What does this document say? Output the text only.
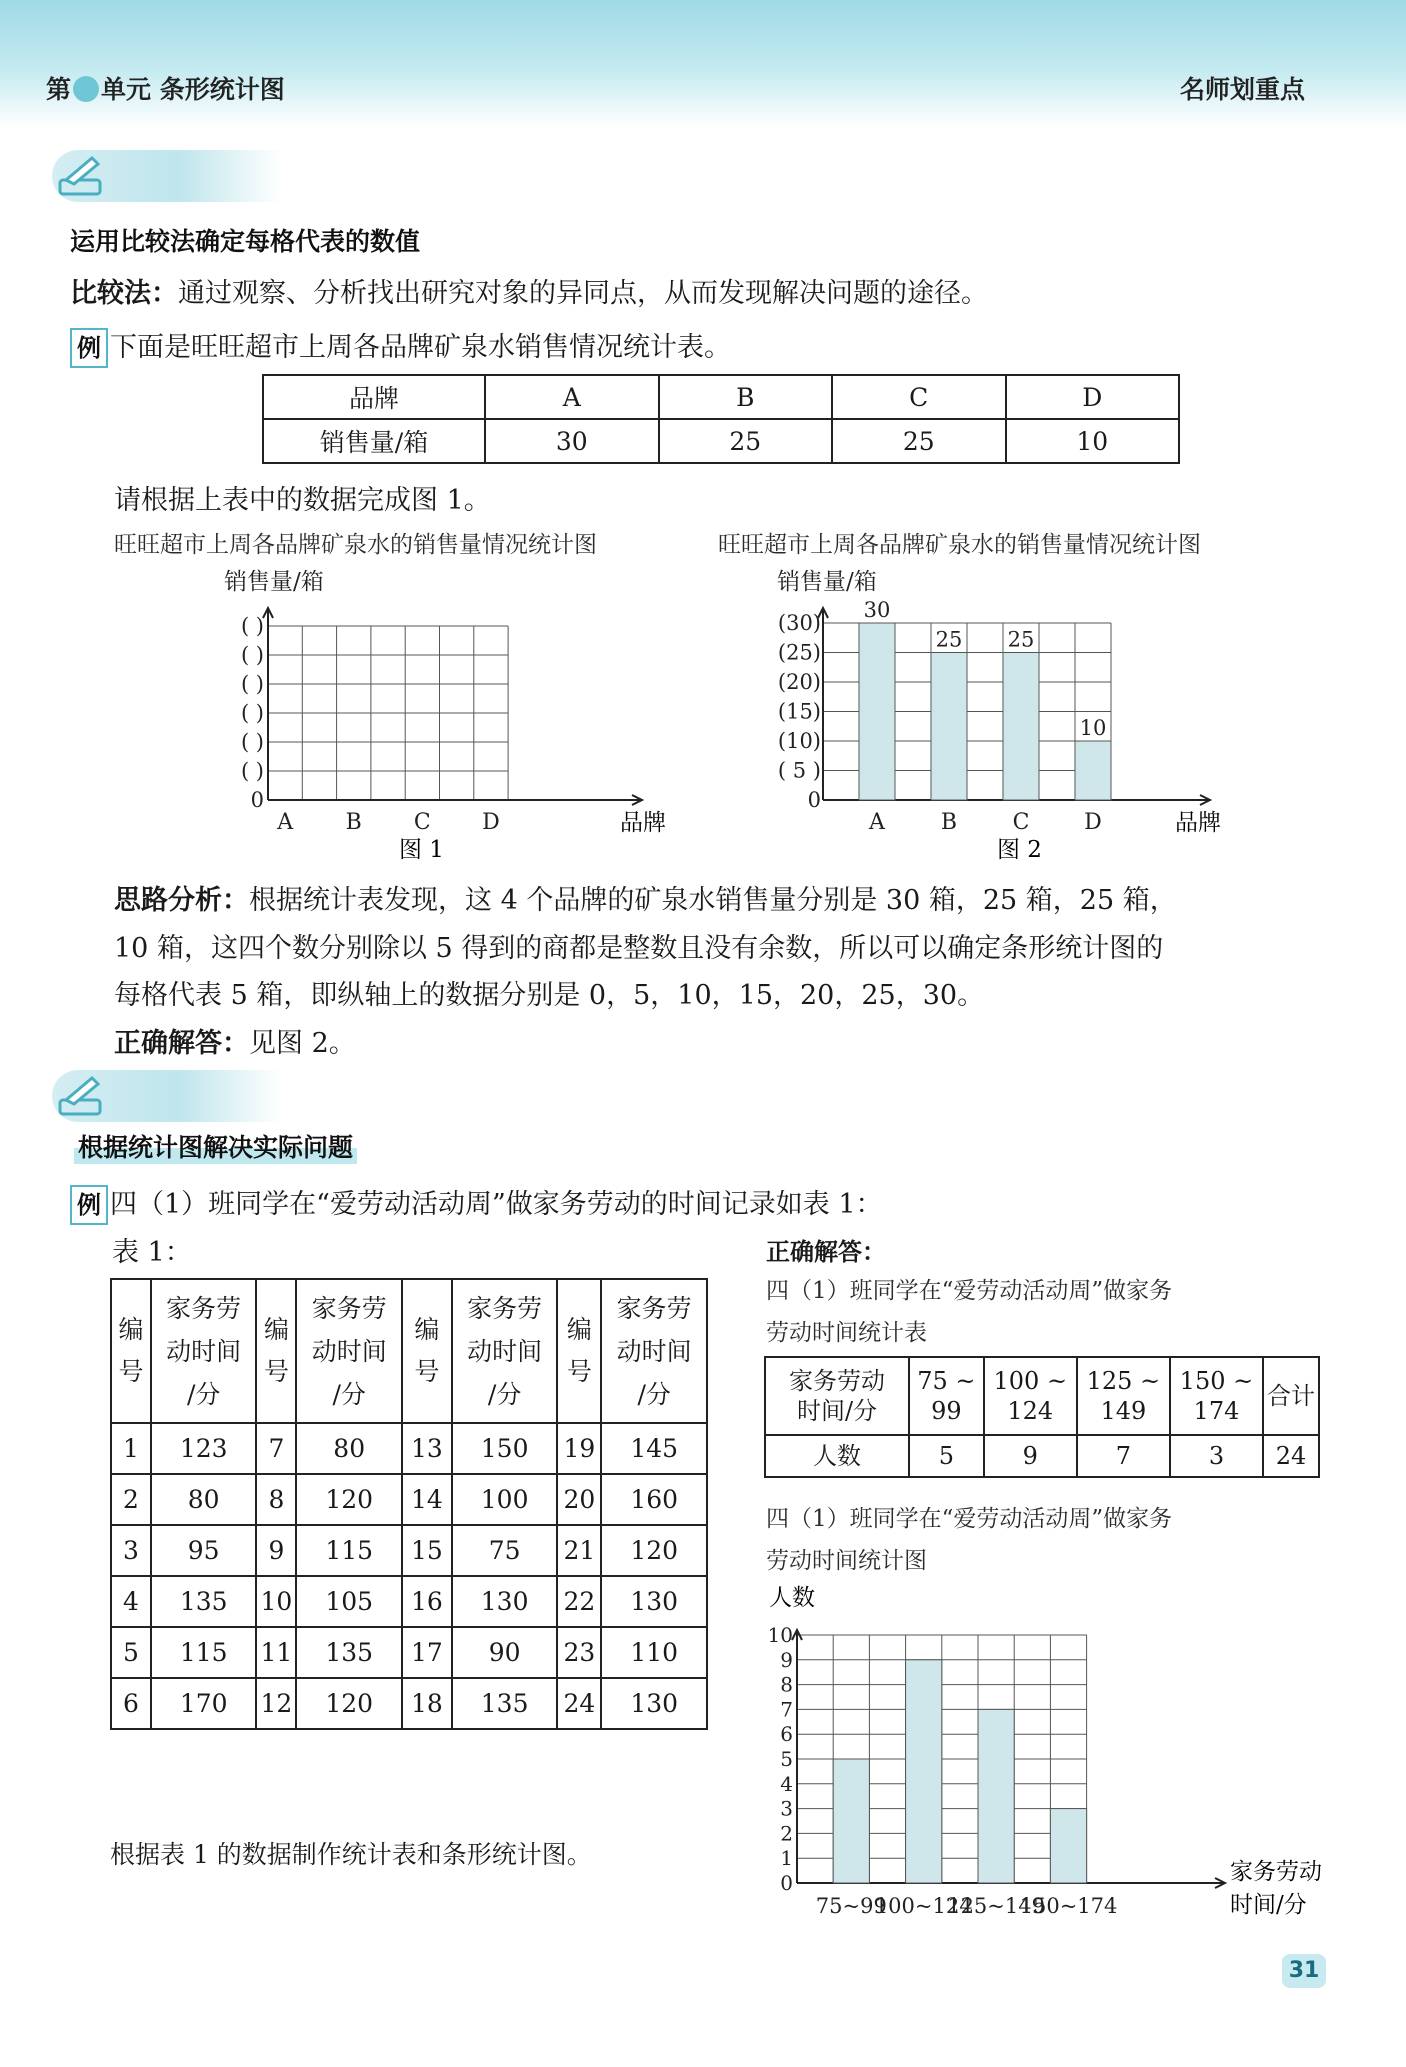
第 单元 条形统计图	名师划重点
运用比较法确定每格代表的数值
比较法：通过观察、分析找出研究对象的异同点，从而发现解决问题的途径。
例 下面是旺旺超市上周各品牌矿泉水销售情况统计表。
品牌	A	B	C	D
销售量/箱	30	25	25	10
请根据上表中的数据完成图 1。
旺旺超市上周各品牌矿泉水的销售量情况统计图	旺旺超市上周各品牌矿泉水的销售量情况统计图
销售量/箱
0
( )
( )
( )
( )
( )
( )
A B C D	品牌
图 1
销售量/箱
30
25 25
10
0
( 5 )
(10)
(15)
(20)
(25)
(30)
A	B	C D	品牌
图 2
思路分析：根据统计表发现，这 4 个品牌的矿泉水销售量分别是 30 箱，25 箱，25 箱，
10 箱，这四个数分别除以 5 得到的商都是整数且没有余数，所以可以确定条形统计图的
每格代表 5 箱，即纵轴上的数据分别是 0，5，10，15，20，25，30。
正确解答：见图 2。
根据统计图解决实际问题
例 四（1）班同学在“爱劳动活动周”做家务劳动的时间记录如表 1：
表 1：
编
号	家务劳
动时间
/分	编
号	家务劳
动时间
/分	编
号	家务劳
动时间
/分	编
号	家务劳
动时间
/分
1	123	7	80	13	150	19	145
2	80	8	120	14	100	20	160
3	95	9	115	15	75	21	120
4	135	10	105	16	130	22	130
5	115	11	135	17	90	23	110
6	170	12	120	18	135	24	130
根据表 1 的数据制作统计表和条形统计图。
正确解答：
四（1）班同学在“爱劳动活动周”做家务
劳动时间统计表
家务劳动
时间/分	75 ~
99	100 ~
124	125 ~
149	150 ~
174	合计
人数	5	9	7	3	24
四（1）班同学在“爱劳动活动周”做家务
劳动时间统计图
人数
0
1
2
3
4
5
6
7
8
9
10
75~99
100~124
125~149
150~174
家务劳动
时间/分
31
